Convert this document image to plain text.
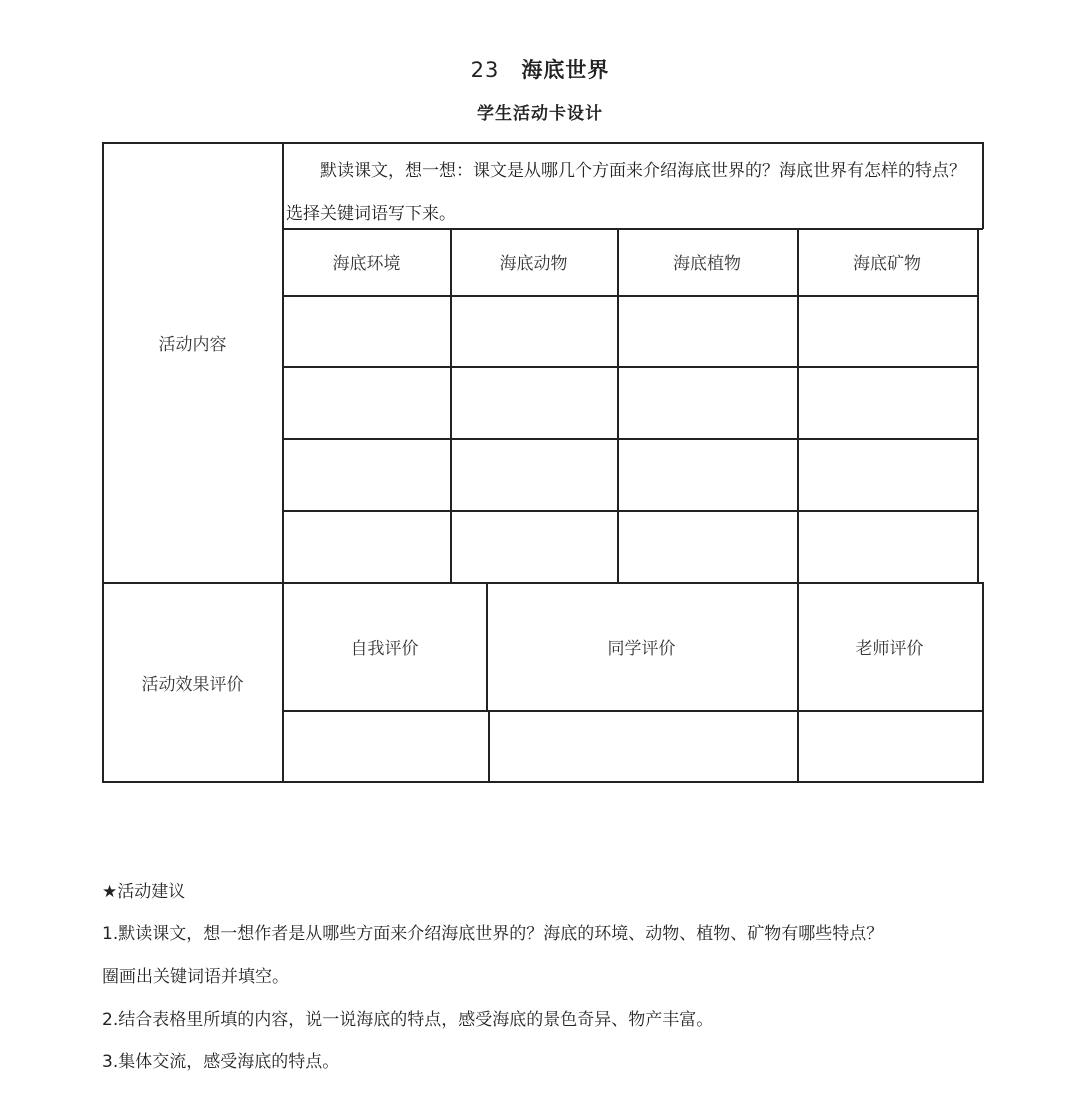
23 海底世界
学生活动卡设计
活动内容
活动效果评价
默读课文，想一想：课文是从哪几个方面来介绍海底世界的？海底世界有怎样的特点？选择关键词语写下来。
海底环境	海底动物	海底植物	海底矿物
自我评价	同学评价	老师评价
★活动建议
1.默读课文，想一想作者是从哪些方面来介绍海底世界的？海底的环境、动物、植物、矿物有哪些特点？
圈画出关键词语并填空。
2.结合表格里所填的内容，说一说海底的特点，感受海底的景色奇异、物产丰富。
3.集体交流，感受海底的特点。
